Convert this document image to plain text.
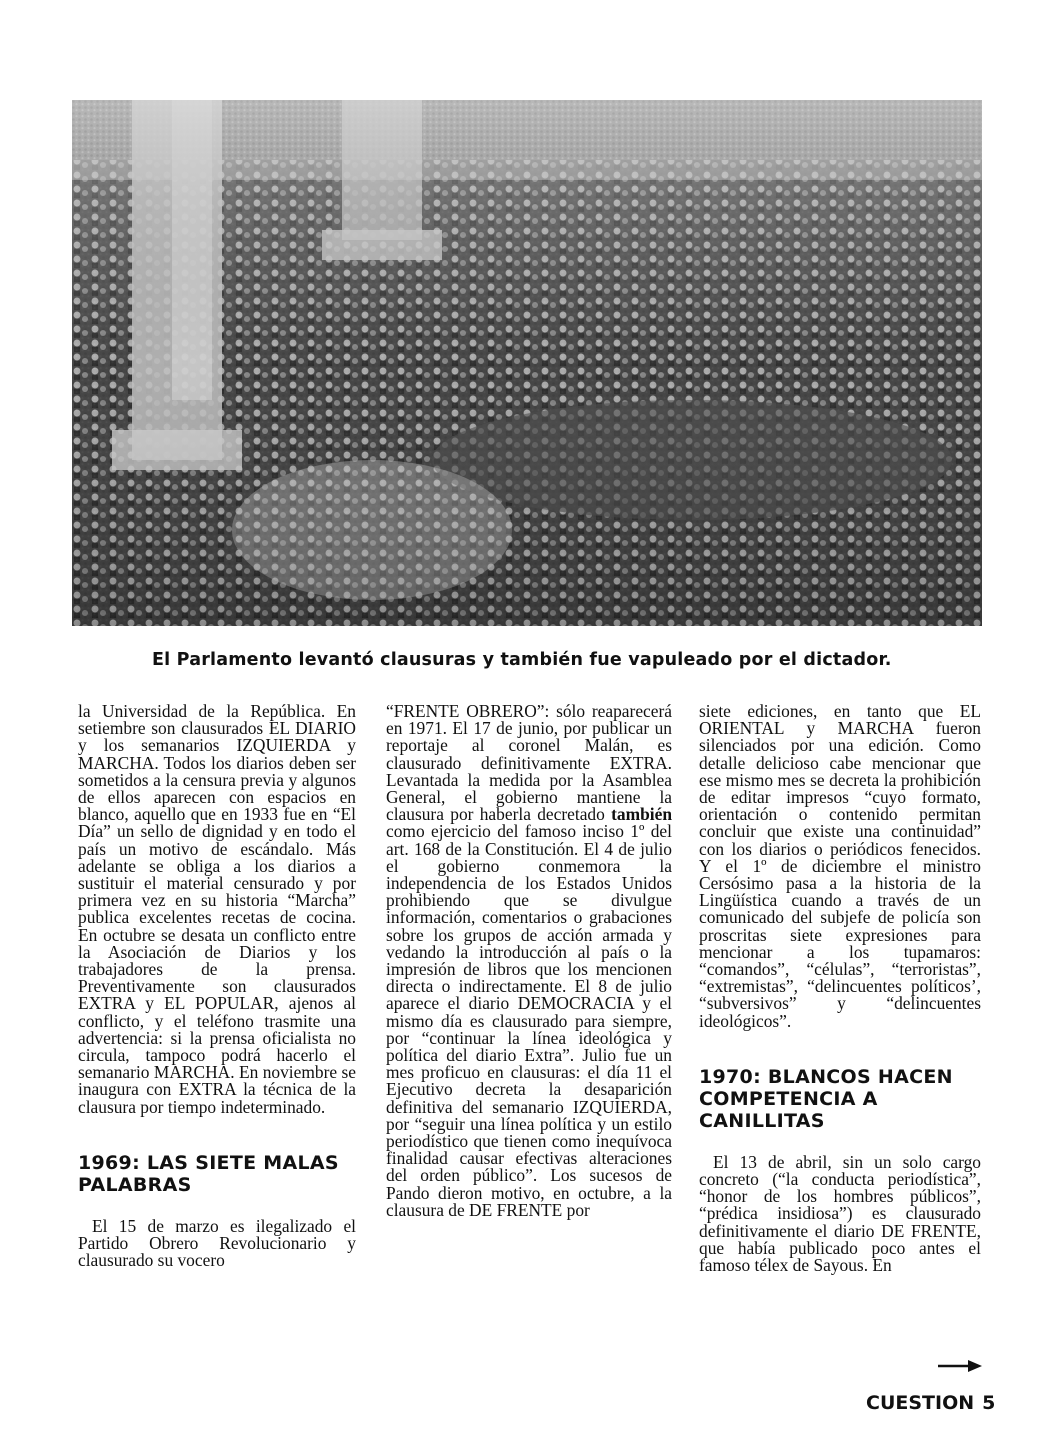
El Parlamento levantó clausuras y también fue vapuleado por el dictador.

la Universidad de la República. En setiembre son clausurados EL DIARIO y los semanarios IZQUIERDA y MARCHA. Todos los diarios deben ser sometidos a la censura previa y algunos de ellos aparecen con espacios en blanco, aquello que en 1933 fue en “El Día” un sello de dignidad y en todo el país un motivo de escándalo. Más adelante se obliga a los diarios a sustituir el material censurado y por primera vez en su historia “Marcha” publica excelentes recetas de cocina. En octubre se desata un conflicto entre la Asociación de Diarios y los trabajadores de la prensa. Preventivamente son clausurados EXTRA y EL POPULAR, ajenos al conflicto, y el teléfono trasmite una advertencia: si la prensa oficialista no circula, tampoco podrá hacerlo el semanario MARCHA. En noviembre se inaugura con EXTRA la técnica de la clausura por tiempo indeterminado.

1969: LAS SIETE MALAS PALABRAS

El 15 de marzo es ilegalizado el Partido Obrero Revolucionario y clausurado su vocero

“FRENTE OBRERO”: sólo reaparecerá en 1971. El 17 de junio, por publicar un reportaje al coronel Malán, es clausurado definitivamente EXTRA. Levantada la medida por la Asamblea General, el gobierno mantiene la clausura por haberla decretado también como ejercicio del famoso inciso 1º del art. 168 de la Constitución. El 4 de julio el gobierno conmemora la independencia de los Estados Unidos prohibiendo que se divulgue información, comentarios o grabaciones sobre los grupos de acción armada y vedando la introducción al país o la impresión de libros que los mencionen directa o indirectamente. El 8 de julio aparece el diario DEMOCRACIA y el mismo día es clausurado para siempre, por “continuar la línea ideológica y política del diario Extra”. Julio fue un mes proficuo en clausuras: el día 11 el Ejecutivo decreta la desaparición definitiva del semanario IZQUIERDA, por “seguir una línea política y un estilo periodístico que tienen como inequívoca finalidad causar efectivas alteraciones del orden público”. Los sucesos de Pando dieron motivo, en octubre, a la clausura de DE FRENTE por

siete ediciones, en tanto que EL ORIENTAL y MARCHA fueron silenciados por una edición. Como detalle delicioso cabe mencionar que ese mismo mes se decreta la prohibición de editar impresos “cuyo formato, orientación o contenido permitan concluir que existe una continuidad” con los diarios o periódicos fenecidos. Y el 1º de diciembre el ministro Cersósimo pasa a la historia de la Lingüística cuando a través de un comunicado del subjefe de policía son proscritas siete expresiones para mencionar a los tupamaros: “comandos”, “células”, “terroristas”, “extremistas”, “delincuentes políticos’, “subversivos” y “delincuentes ideológicos”.

1970: BLANCOS HACEN COMPETENCIA A CANILLITAS

El 13 de abril, sin un solo cargo concreto (“la conducta periodística”, “honor de los hombres públicos”, “prédica insidiosa”) es clausurado definitivamente el diario DE FRENTE, que había publicado poco antes el famoso télex de Sayous. En

CUESTION 5
